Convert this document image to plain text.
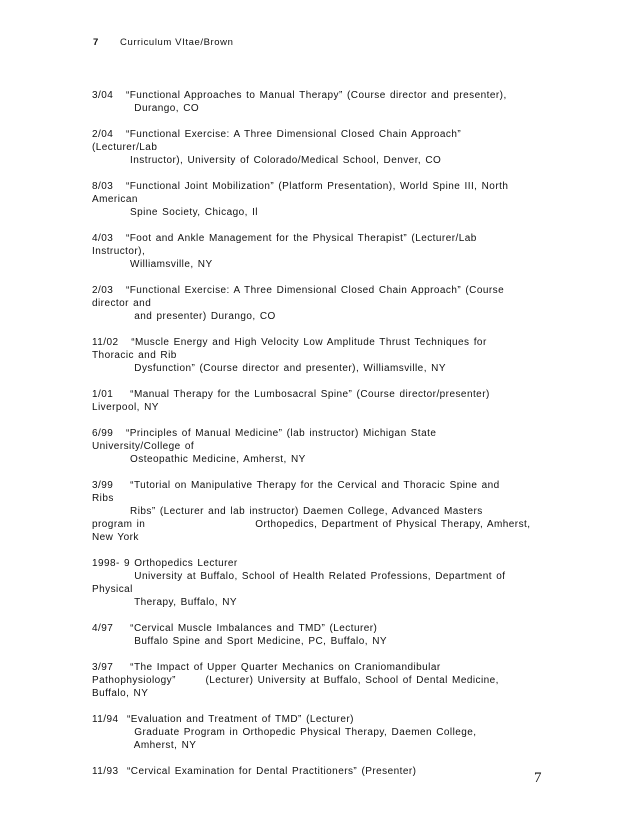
7 Curriculum VItae/Brown
3/04   “Functional Approaches to Manual Therapy” (Course director and presenter),
Durango, CO
2/04   “Functional Exercise: A Three Dimensional Closed Chain Approach”
(Lecturer/Lab
Instructor), University of Colorado/Medical School, Denver, CO
8/03   “Functional Joint Mobilization” (Platform Presentation), World Spine III, North
American
Spine Society, Chicago, Il
4/03   “Foot and Ankle Management for the Physical Therapist” (Lecturer/Lab
Instructor),
Williamsville, NY
2/03   “Functional Exercise: A Three Dimensional Closed Chain Approach” (Course
director and
and presenter) Durango, CO
11/02   “Muscle Energy and High Velocity Low Amplitude Thrust Techniques for
Thoracic and Rib
Dysfunction” (Course director and presenter), Williamsville, NY
1/01    “Manual Therapy for the Lumbosacral Spine” (Course director/presenter)
Liverpool, NY
6/99   “Principles of Manual Medicine” (lab instructor) Michigan State
University/College of
Osteopathic Medicine, Amherst, NY
3/99    “Tutorial on Manipulative Therapy for the Cervical and Thoracic Spine and
Ribs
Ribs” (Lecturer and lab instructor) Daemen College, Advanced Masters
program in                          Orthopedics, Department of Physical Therapy, Amherst,
New York
1998- 9 Orthopedics Lecturer
University at Buffalo, School of Health Related Professions, Department of
Physical
Therapy, Buffalo, NY
4/97    “Cervical Muscle Imbalances and TMD” (Lecturer)
Buffalo Spine and Sport Medicine, PC, Buffalo, NY
3/97    “The Impact of Upper Quarter Mechanics on Craniomandibular
Pathophysiology”       (Lecturer) University at Buffalo, School of Dental Medicine,
Buffalo, NY
11/94  “Evaluation and Treatment of TMD” (Lecturer)
Graduate Program in Orthopedic Physical Therapy, Daemen College,
Amherst, NY
11/93  “Cervical Examination for Dental Practitioners” (Presenter)	7
